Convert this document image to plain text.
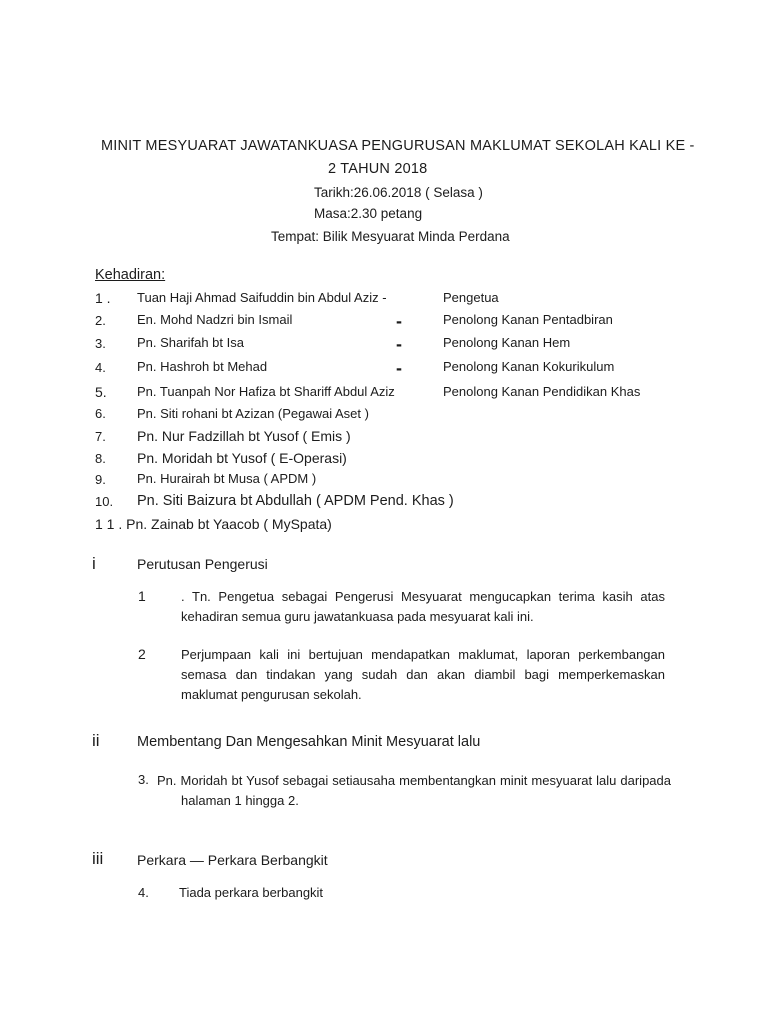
MINIT MESYUARAT JAWATANKUASA PENGURUSAN MAKLUMAT SEKOLAH KALI KE -
2 TAHUN 2018
Tarikh:26.06.2018 ( Selasa )
Masa:2.30 petang
Tempat: Bilik Mesyuarat Minda Perdana
Kehadiran:
1 . Tuan Haji Ahmad Saifuddin bin Abdul Aziz -	Pengetua
2. En. Mohd Nadzri bin Ismail	-	Penolong Kanan Pentadbiran
3. Pn. Sharifah bt Isa	-	Penolong Kanan Hem
4. Pn. Hashroh bt Mehad	-	Penolong Kanan Kokurikulum
5. Pn. Tuanpah Nor Hafiza bt Shariff Abdul Aziz	Penolong Kanan Pendidikan Khas
6. Pn. Siti rohani bt Azizan (Pegawai Aset )
7. Pn. Nur Fadzillah bt Yusof ( Emis )
8. Pn. Moridah bt Yusof ( E-Operasi)
9. Pn. Hurairah bt Musa ( APDM )
10. Pn. Siti Baizura bt Abdullah ( APDM Pend. Khas )
1 1 . Pn. Zainab bt Yaacob ( MySpata)
i	Perutusan Pengerusi
1	. Tn. Pengetua sebagai Pengerusi Mesyuarat mengucapkan terima kasih atas kehadiran semua guru jawatankuasa pada mesyuarat kali ini.
2	Perjumpaan kali ini bertujuan mendapatkan maklumat, laporan perkembangan semasa dan tindakan yang sudah dan akan diambil bagi memperkemaskan maklumat pengurusan sekolah.
ii	Membentang Dan Mengesahkan Minit Mesyuarat lalu
3. Pn. Moridah bt Yusof sebagai setiausaha membentangkan minit mesyuarat lalu daripada halaman 1 hingga 2.
iii Perkara — Perkara Berbangkit
4. Tiada perkara berbangkit
